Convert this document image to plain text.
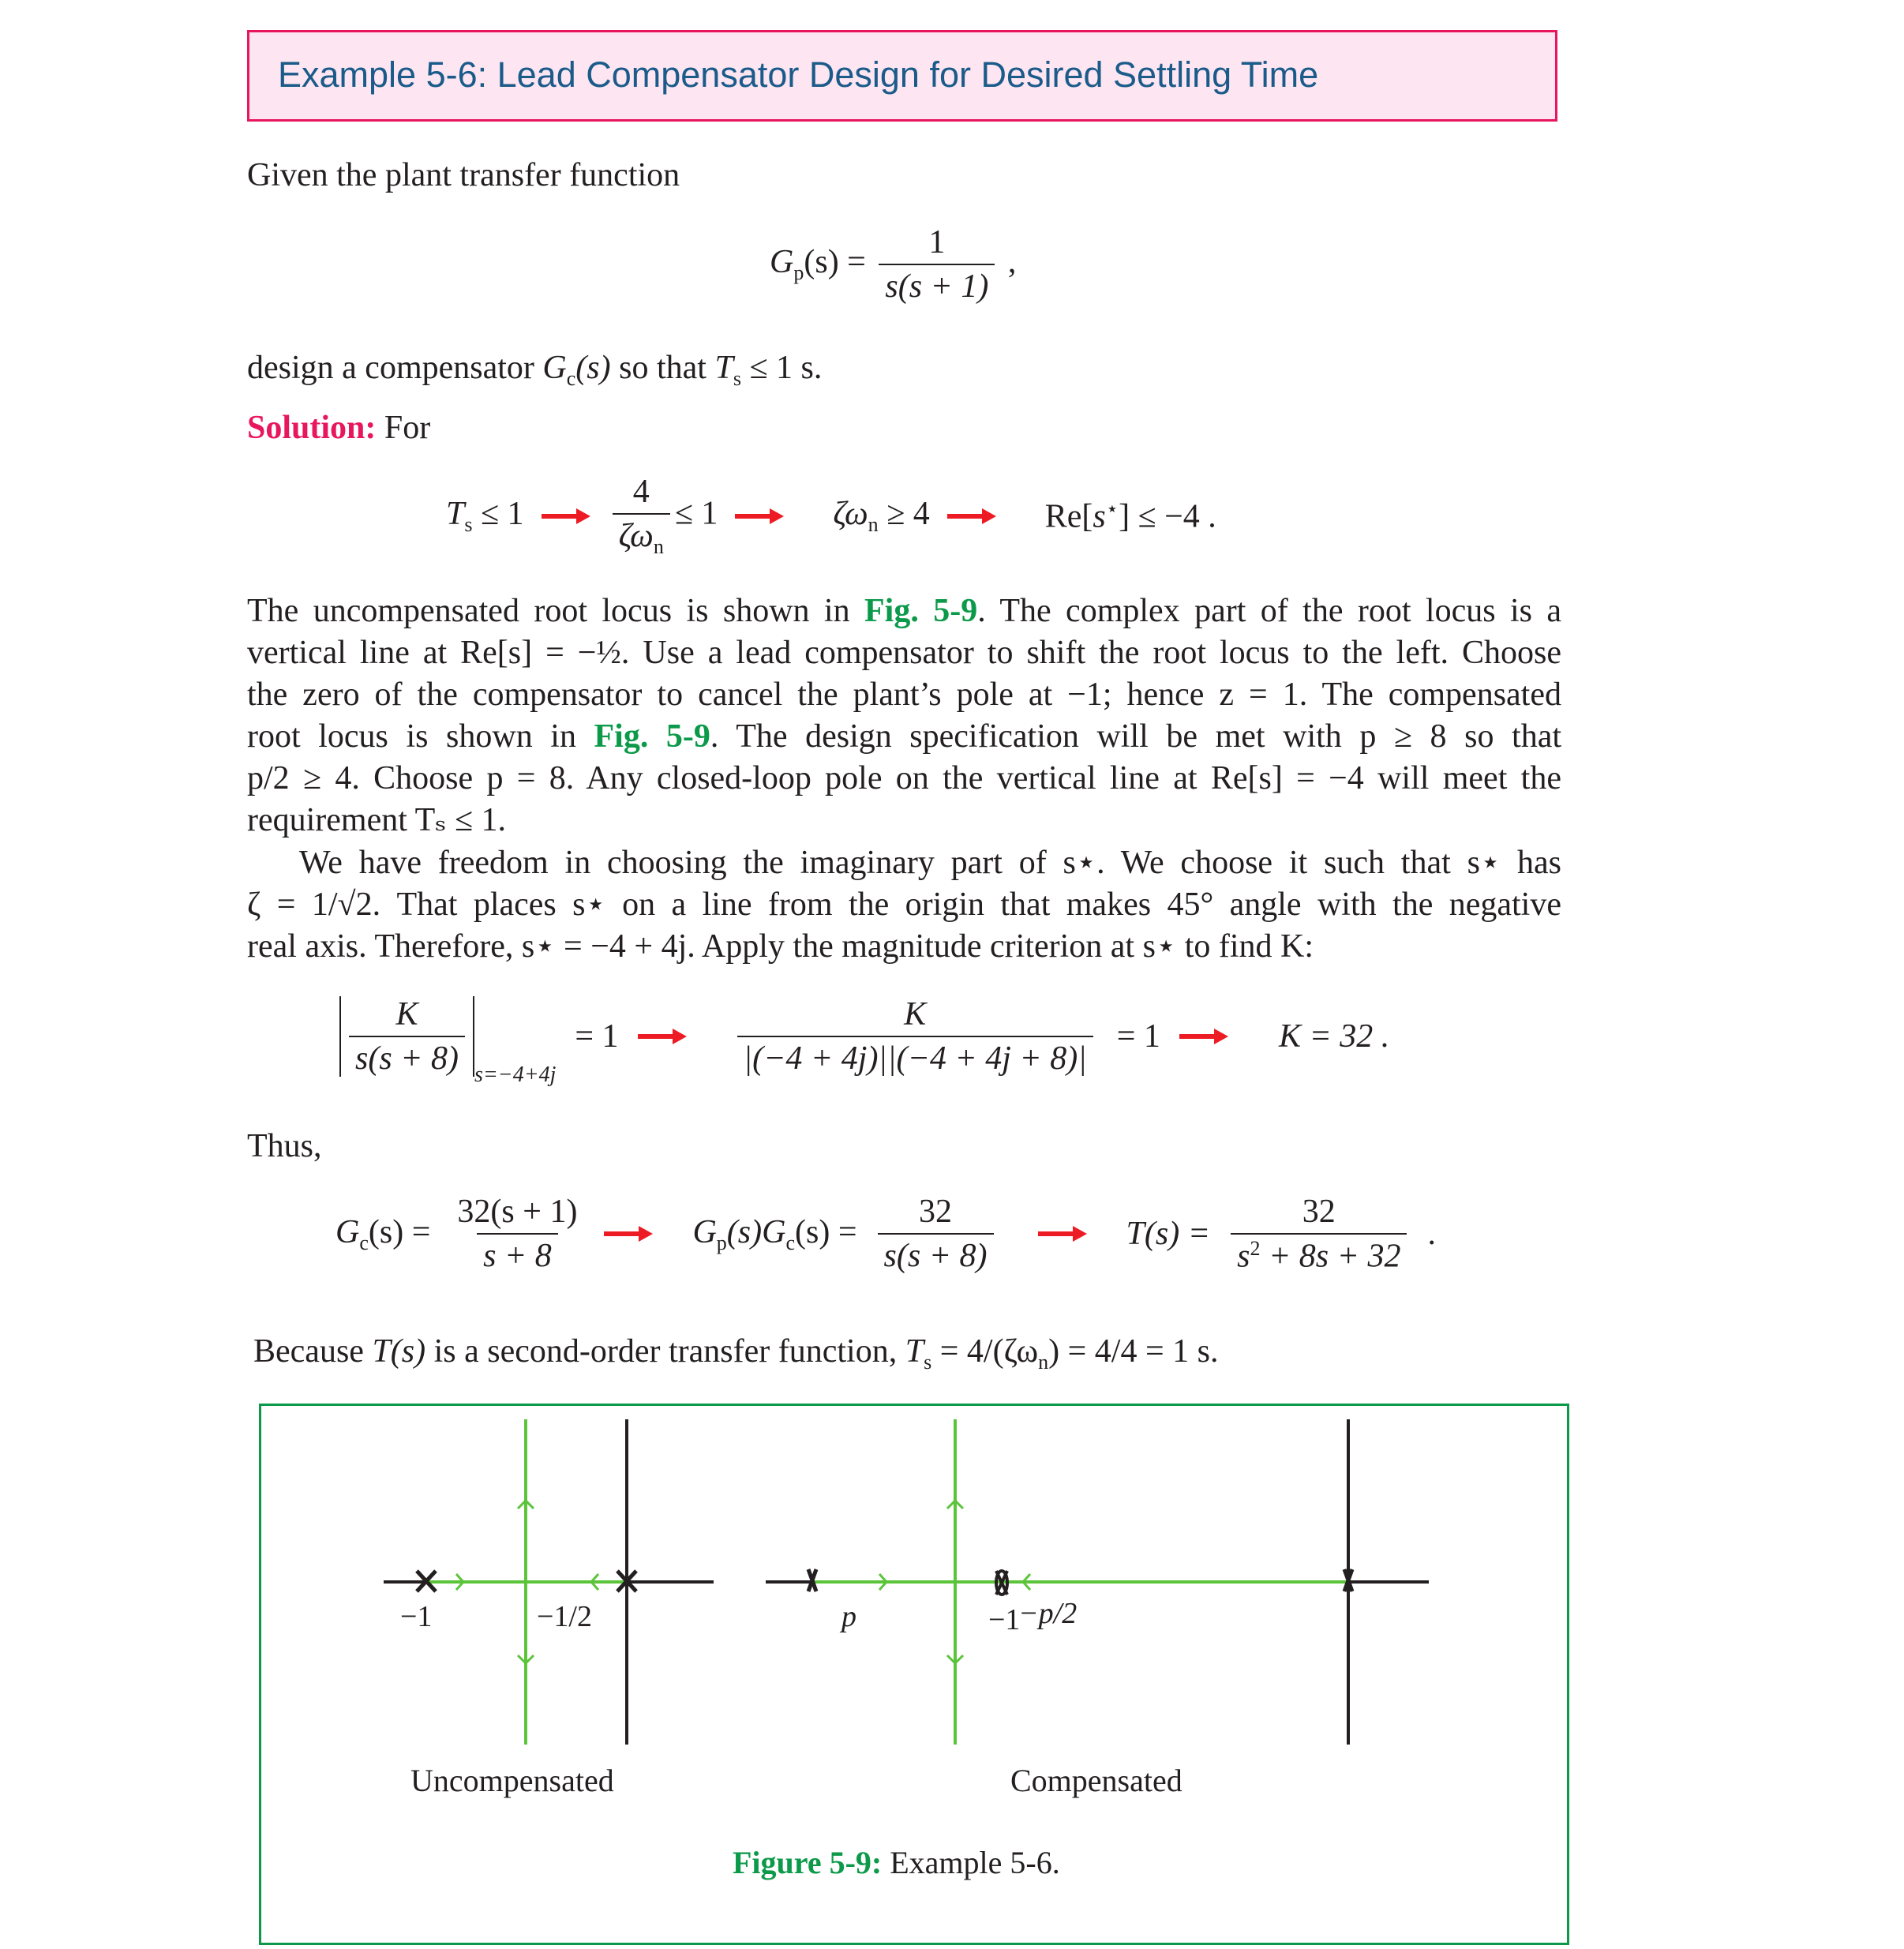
Example 5-6: Lead Compensator Design for Desired Settling Time
Given the plant transfer function
$G_p(s) = \frac{1}{s(s + 1)}$ ,
design a compensator $G_c(s)$ so that $T_s \le 1$ s.
Solution: For
$T_s \le 1$	$\frac{4}{\zeta\omega_n} \le 1$	$\zeta\omega_n \ge 4$	Re[s⋆] ≤ −4 .
The uncompensated root locus is shown in Fig. 5-9. The complex part of the root locus is a
vertical line at Re[s] = −½. Use a lead compensator to shift the root locus to the left. Choose
the zero of the compensator to cancel the plant’s pole at −1; hence z = 1. The compensated
root locus is shown in Fig. 5-9. The design specification will be met with p ≥ 8 so that
p/2 ≥ 4. Choose p = 8. Any closed-loop pole on the vertical line at Re[s] = −4 will meet the
requirement Tₛ ≤ 1.
We have freedom in choosing the imaginary part of s⋆. We choose it such that s⋆ has
ζ = 1/√2. That places s⋆ on a line from the origin that makes 45° angle with the negative
real axis. Therefore, s⋆ = −4 + 4j. Apply the magnitude criterion at s⋆ to find K:
$\frac{K}{s(s + 8)} s=-4+4j$
= 1	$\frac{K}{|(-4 + 4j)||(-4 + 4j + 8)|} = 1$	K = 32 .
Thus,
$G_c(s) = \frac{32(s + 1)}{s + 8}$	$G_p(s)G_c(s) = \frac{32}{s(s + 8)}$	$T(s) = \frac{32}{s^2 + 8s + 32}$ .
Because T(s) is a second-order transfer function, $T_s = 4/(\zeta\omega_n) = 4/4 = 1$ s.
−1	−1/2	p	−p/2
−1
Uncompensated	Compensated
Figure 5-9: Example 5-6.
